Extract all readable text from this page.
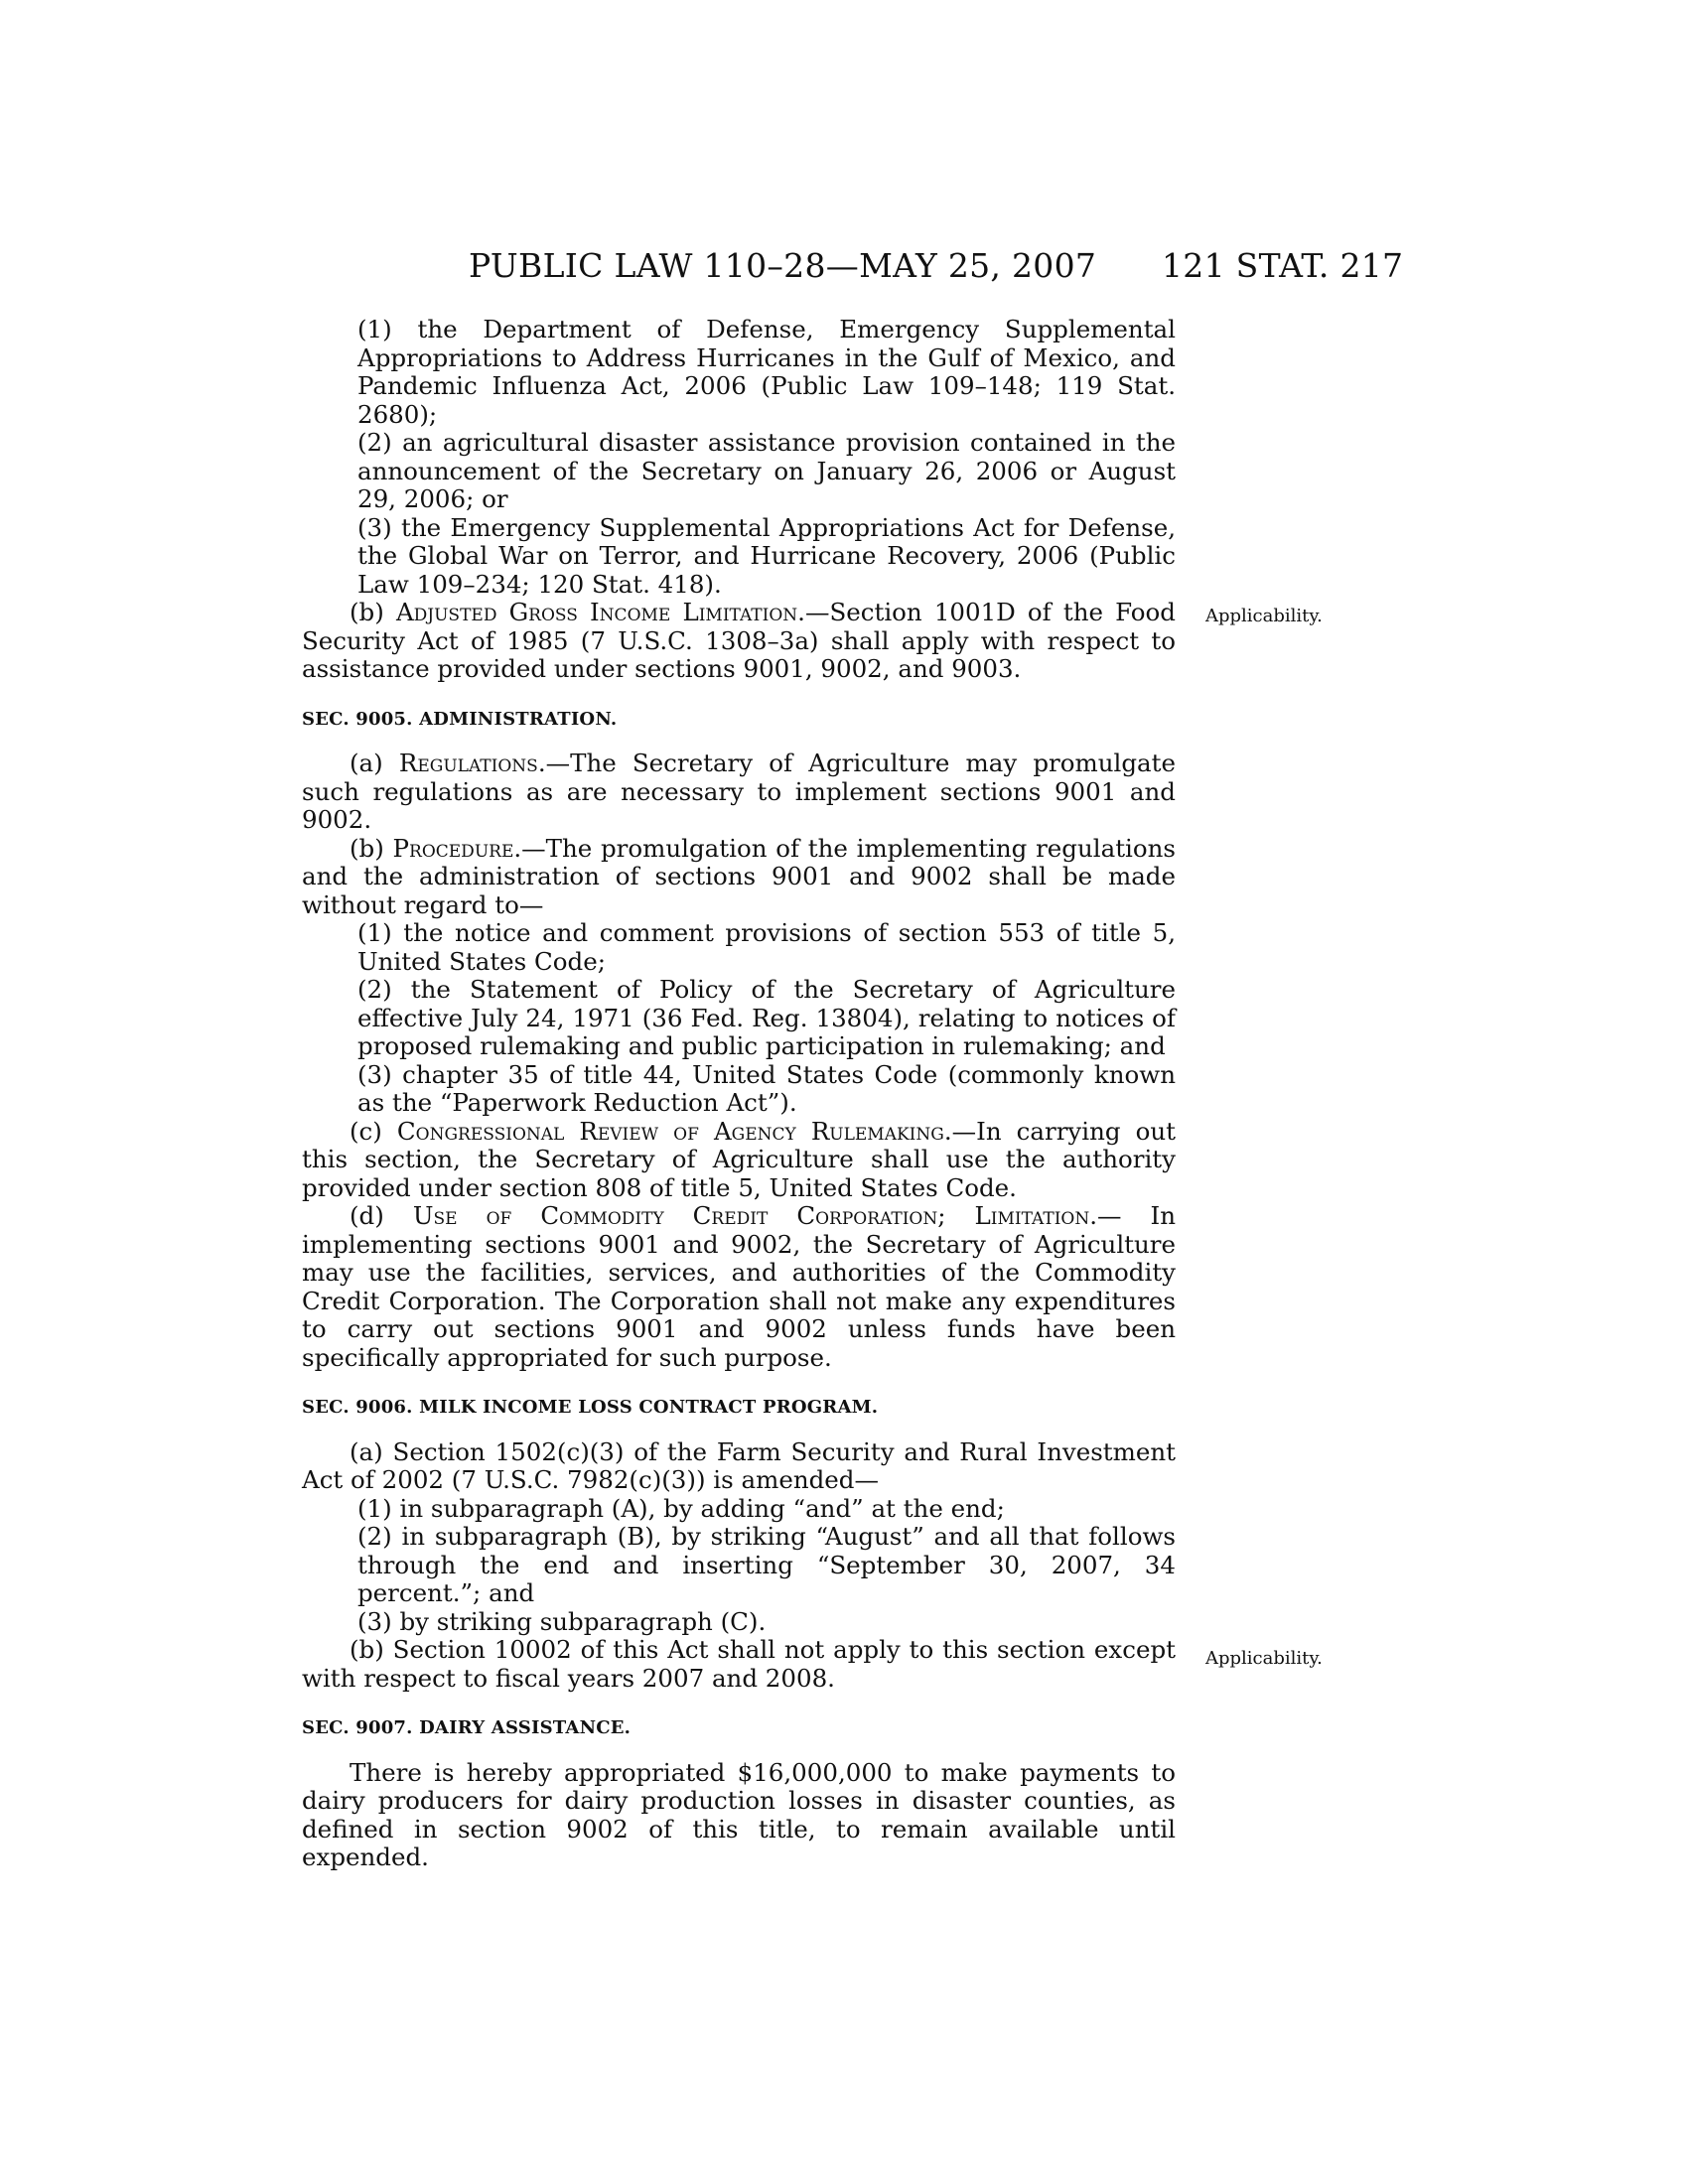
PUBLIC LAW 110–28—MAY 25, 2007 121 STAT. 217
Applicability.
Applicability.

(1) the Department of Defense, Emergency Supplemental Appropriations to Address Hurricanes in the Gulf of Mexico, and Pandemic Influenza Act, 2006 (Public Law 109–148; 119 Stat. 2680);

(2) an agricultural disaster assistance provision contained in the announcement of the Secretary on January 26, 2006 or August 29, 2006; or

(3) the Emergency Supplemental Appropriations Act for Defense, the Global War on Terror, and Hurricane Recovery, 2006 (Public Law 109–234; 120 Stat. 418).

(b) Adjusted Gross Income Limitation.—Section 1001D of the Food Security Act of 1985 (7 U.S.C. 1308–3a) shall apply with respect to assistance provided under sections 9001, 9002, and 9003.

SEC. 9005. ADMINISTRATION.

(a) Regulations.—The Secretary of Agriculture may promulgate such regulations as are necessary to implement sections 9001 and 9002.

(b) Procedure.—The promulgation of the implementing regulations and the administration of sections 9001 and 9002 shall be made without regard to—

(1) the notice and comment provisions of section 553 of title 5, United States Code;

(2) the Statement of Policy of the Secretary of Agriculture effective July 24, 1971 (36 Fed. Reg. 13804), relating to notices of proposed rulemaking and public participation in rulemaking; and

(3) chapter 35 of title 44, United States Code (commonly known as the “Paperwork Reduction Act”).

(c) Congressional Review of Agency Rulemaking.—In carrying out this section, the Secretary of Agriculture shall use the authority provided under section 808 of title 5, United States Code.

(d) Use of Commodity Credit Corporation; Limitation.— In implementing sections 9001 and 9002, the Secretary of Agriculture may use the facilities, services, and authorities of the Commodity Credit Corporation. The Corporation shall not make any expenditures to carry out sections 9001 and 9002 unless funds have been specifically appropriated for such purpose.

SEC. 9006. MILK INCOME LOSS CONTRACT PROGRAM.

(a) Section 1502(c)(3) of the Farm Security and Rural Investment Act of 2002 (7 U.S.C. 7982(c)(3)) is amended—

(1) in subparagraph (A), by adding “and” at the end;

(2) in subparagraph (B), by striking “August” and all that follows through the end and inserting “September 30, 2007, 34 percent.”; and

(3) by striking subparagraph (C).

(b) Section 10002 of this Act shall not apply to this section except with respect to fiscal years 2007 and 2008.

SEC. 9007. DAIRY ASSISTANCE.

There is hereby appropriated $16,000,000 to make payments to dairy producers for dairy production losses in disaster counties, as defined in section 9002 of this title, to remain available until expended.
